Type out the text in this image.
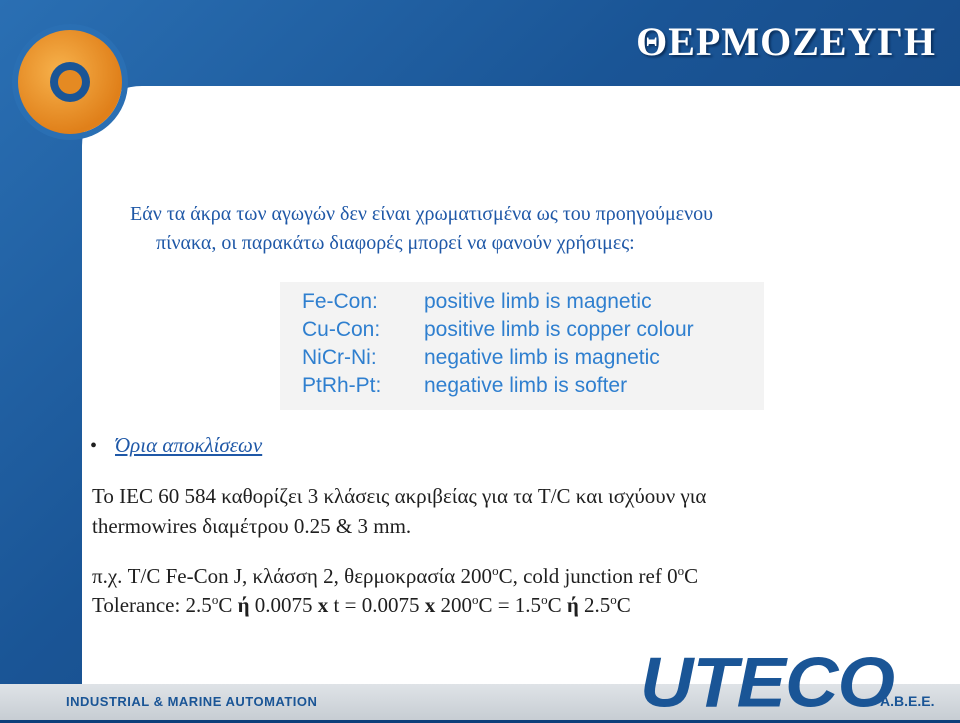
ΘΕΡΜΟΖΕΥΓΗ
Εάν τα άκρα των αγωγών δεν είναι χρωματισμένα ως του προηγούμενου
πίνακα, οι παρακάτω διαφορές μπορεί να φανούν χρήσιμες:
Fe-Con:	positive limb is magnetic
Cu-Con:	positive limb is copper colour
NiCr-Ni:	negative limb is magnetic
PtRh-Pt:	negative limb is softer
• Όρια αποκλίσεων
Το IEC 60 584 καθορίζει 3 κλάσεις ακριβείας για τα T/C και ισχύουν για
thermowires διαμέτρου 0.25 & 3 mm.
π.χ. T/C Fe-Con J, κλάσση 2, θερμοκρασία 200$^o$C, cold junction ref 0$^o$C
Tolerance: 2.5$^o$C ή 0.0075 x t = 0.0075 x $200^oC = 1.5^oC$ ή 2.5$^o$C
INDUSTRIAL & MARINE AUTOMATION	UTECO
A.B.E.E.
